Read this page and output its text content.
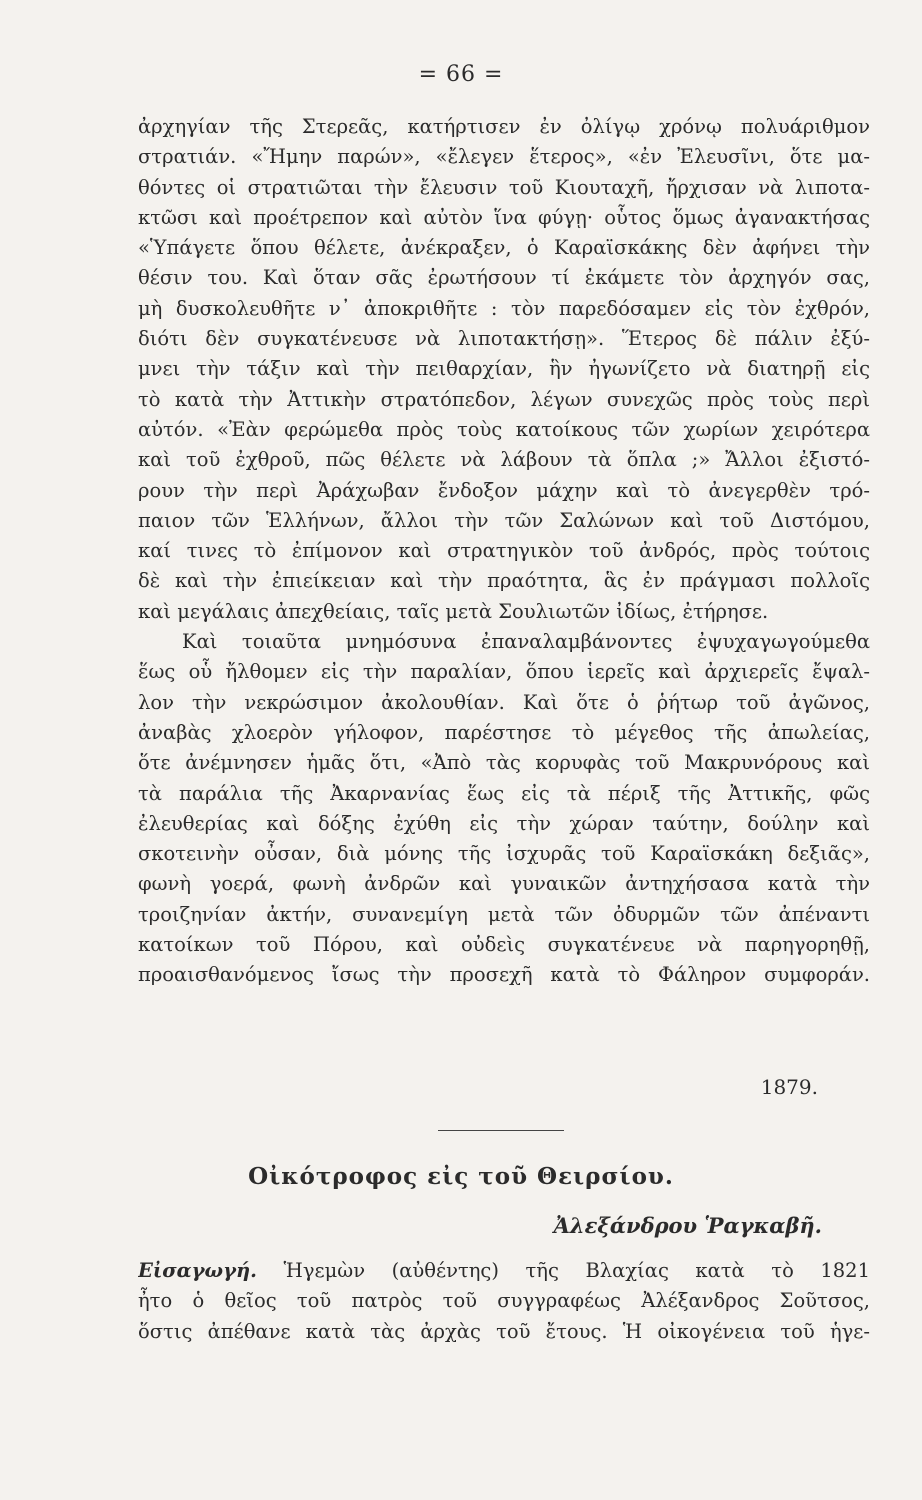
= 66 =
ἀρχηγίαν τῆς Στερεᾶς, κατήρτισεν ἐν ὀλίγῳ χρόνῳ πολυάριθμον
στρατιάν. «Ἤμην παρών», «ἔλεγεν ἕτερος», «ἐν Ἐλευσῖνι, ὅτε μα-
θόντες οἱ στρατιῶται τὴν ἔλευσιν τοῦ Κιουταχῆ, ἤρχισαν νὰ λιποτα-
κτῶσι καὶ προέτρεπον καὶ αὐτὸν ἵνα φύγῃ· οὗτος ὅμως ἀγανακτήσας
«Ὑπάγετε ὅπου θέλετε, ἀνέκραξεν, ὁ Καραϊσκάκης δὲν ἀφήνει τὴν
θέσιν του. Καὶ ὅταν σᾶς ἐρωτήσουν τί ἐκάμετε τὸν ἀρχηγόν σας,
μὴ δυσκολευθῆτε ν᾽ ἀποκριθῆτε : τὸν παρεδόσαμεν εἰς τὸν ἐχθρόν,
διότι δὲν συγκατένευσε νὰ λιποτακτήσῃ». Ἕτερος δὲ πάλιν ἐξύ-
μνει τὴν τάξιν καὶ τὴν πειθαρχίαν, ἣν ἠγωνίζετο νὰ διατηρῇ εἰς
τὸ κατὰ τὴν Ἀττικὴν στρατόπεδον, λέγων συνεχῶς πρὸς τοὺς περὶ
αὐτόν. «Ἐὰν φερώμεθα πρὸς τοὺς κατοίκους τῶν χωρίων χειρότερα
καὶ τοῦ ἐχθροῦ, πῶς θέλετε νὰ λάβουν τὰ ὅπλα ;» Ἄλλοι ἐξιστό-
ρουν τὴν περὶ Ἀράχωβαν ἔνδοξον μάχην καὶ τὸ ἀνεγερθὲν τρό-
παιον τῶν Ἑλλήνων, ἄλλοι τὴν τῶν Σαλώνων καὶ τοῦ Διστόμου,
καί τινες τὸ ἐπίμονον καὶ στρατηγικὸν τοῦ ἀνδρός, πρὸς τούτοις
δὲ καὶ τὴν ἐπιείκειαν καὶ τὴν πραότητα, ἃς ἐν πράγμασι πολλοῖς
καὶ μεγάλαις ἀπεχθείαις, ταῖς μετὰ Σουλιωτῶν ἰδίως, ἐτήρησε.
Καὶ τοιαῦτα μνημόσυνα ἐπαναλαμβάνοντες ἐψυχαγωγούμεθα
ἕως οὗ ἤλθομεν εἰς τὴν παραλίαν, ὅπου ἱερεῖς καὶ ἀρχιερεῖς ἔψαλ-
λον τὴν νεκρώσιμον ἀκολουθίαν. Καὶ ὅτε ὁ ῥήτωρ τοῦ ἀγῶνος,
ἀναβὰς χλοερὸν γήλοφον, παρέστησε τὸ μέγεθος τῆς ἀπωλείας,
ὅτε ἀνέμνησεν ἡμᾶς ὅτι, «Ἀπὸ τὰς κορυφὰς τοῦ Μακρυνόρους καὶ
τὰ παράλια τῆς Ἀκαρνανίας ἕως εἰς τὰ πέριξ τῆς Ἀττικῆς, φῶς
ἐλευθερίας καὶ δόξης ἐχύθη εἰς τὴν χώραν ταύτην, δούλην καὶ
σκοτεινὴν οὖσαν, διὰ μόνης τῆς ἰσχυρᾶς τοῦ Καραϊσκάκη δεξιᾶς»,
φωνὴ γοερά, φωνὴ ἀνδρῶν καὶ γυναικῶν ἀντηχήσασα κατὰ τὴν
τροιζηνίαν ἀκτήν, συνανεμίγη μετὰ τῶν ὀδυρμῶν τῶν ἀπέναντι
κατοίκων τοῦ Πόρου, καὶ οὐδεὶς συγκατένευε νὰ παρηγορηθῇ,
προαισθανόμενος ἴσως τὴν προσεχῆ κατὰ τὸ Φάληρον συμφοράν.
1879.
Οἰκότροφος εἰς τοῦ Θειρσίου.
Ἀλεξάνδρου Ῥαγκαβῆ.
Εἰσαγωγή. Ἡγεμὼν (αὐθέντης) τῆς Βλαχίας κατὰ τὸ 1821
ἦτο ὁ θεῖος τοῦ πατρὸς τοῦ συγγραφέως Ἀλέξανδρος Σοῦτσος,
ὅστις ἀπέθανε κατὰ τὰς ἀρχὰς τοῦ ἔτους. Ἡ οἰκογένεια τοῦ ἡγε-
